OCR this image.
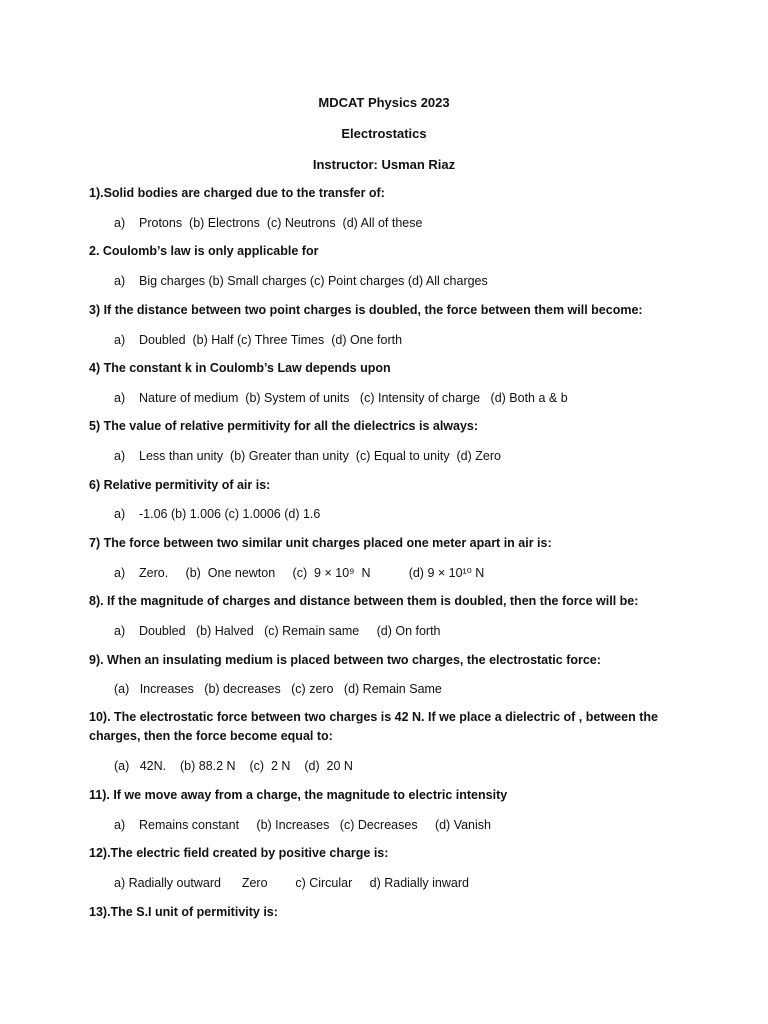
MDCAT Physics 2023
Electrostatics
Instructor: Usman Riaz
1).Solid bodies are charged due to the transfer of:
a)    Protons  (b) Electrons  (c) Neutrons  (d) All of these
2. Coulomb’s law is only applicable for
a)    Big charges (b) Small charges (c) Point charges (d) All charges
3) If the distance between two point charges is doubled, the force between them will become:
a)    Doubled  (b) Half (c) Three Times  (d) One forth
4) The constant k in Coulomb’s Law depends upon
a)    Nature of medium  (b) System of units   (c) Intensity of charge   (d) Both a & b
5) The value of relative permitivity for all the dielectrics is always:
a)    Less than unity  (b) Greater than unity  (c) Equal to unity  (d) Zero
6) Relative permitivity of air is:
a)    -1.06 (b) 1.006 (c) 1.0006 (d) 1.6
7) The force between two similar unit charges placed one meter apart in air is:
a)    Zero.     (b)  One newton     (c)  9 × 10⁹  N           (d) 9 × 10¹⁰ N
8). If the magnitude of charges and distance between them is doubled, then the force will be:
a)    Doubled   (b) Halved   (c) Remain same     (d) On forth
9). When an insulating medium is placed between two charges, the electrostatic force:
(a)   Increases   (b) decreases   (c) zero   (d) Remain Same
10). The electrostatic force between two charges is 42 N. If we place a dielectric of , between the charges, then the force become equal to:
(a)   42N.    (b) 88.2 N    (c)  2 N    (d)  20 N
11). If we move away from a charge, the magnitude to electric intensity
a)    Remains constant     (b) Increases   (c) Decreases     (d) Vanish
12).The electric field created by positive charge is:
a) Radially outward      Zero        c) Circular     d) Radially inward
13).The S.I unit of permitivity is:
